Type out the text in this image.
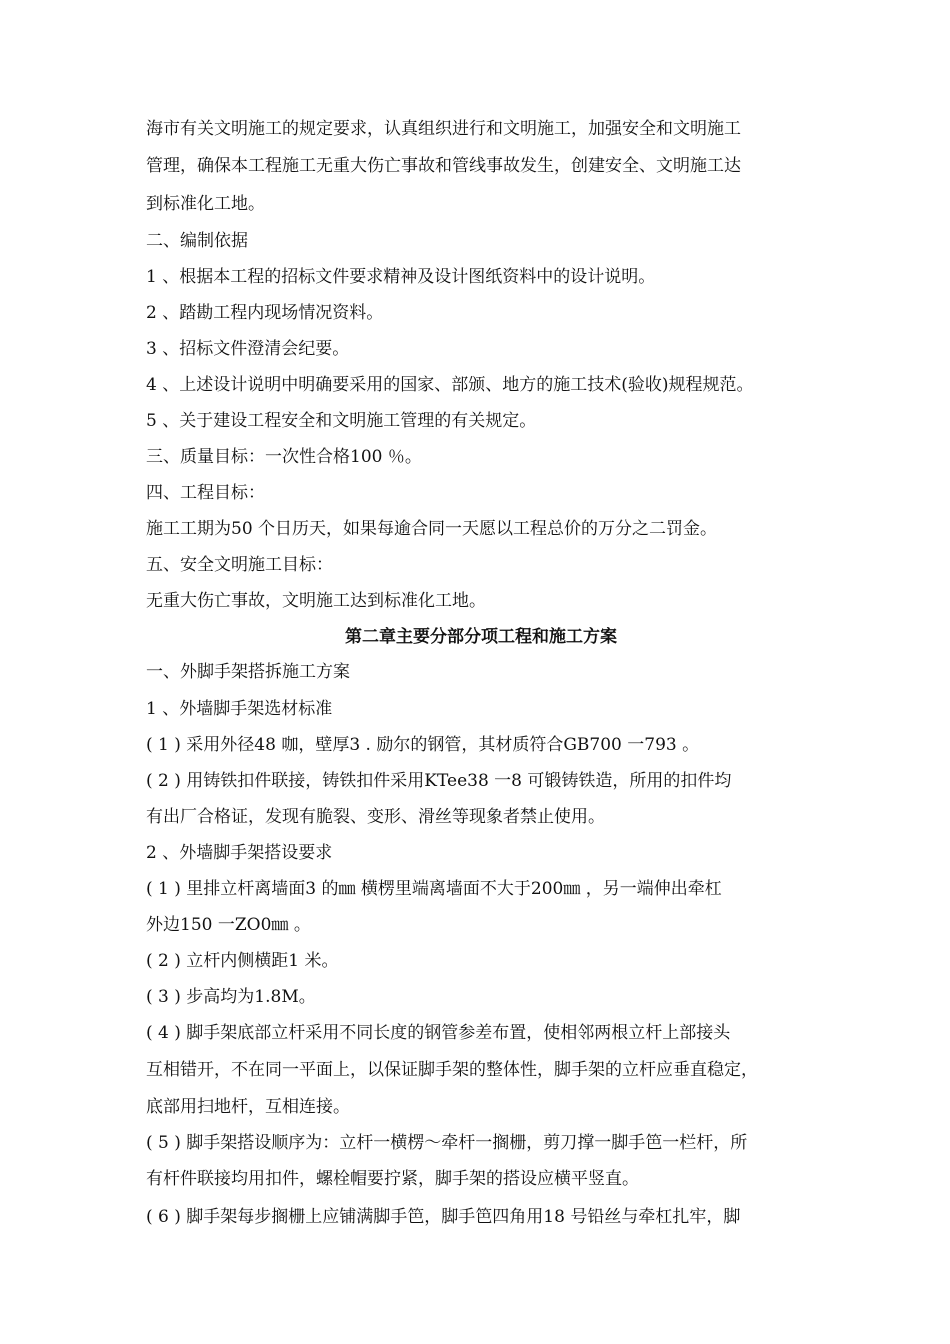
海市有关文明施工的规定要求，认真组织进行和文明施工，加强安全和文明施工
管理，确保本工程施工无重大伤亡事故和管线事故发生，创建安全、文明施工达
到标准化工地。
二、编制依据
1 、根据本工程的招标文件要求精神及设计图纸资料中的设计说明。
2 、踏勘工程内现场情况资料。
3 、招标文件澄清会纪要。
4 、上述设计说明中明确要采用的国家、部颁、地方的施工技术(验收)规程规范。
5 、关于建设工程安全和文明施工管理的有关规定。
三、质量目标：一次性合格100 ％。
四、工程目标：
施工工期为50 个日历天，如果每逾合同一天愿以工程总价的万分之二罚金。
五、安全文明施工目标：
无重大伤亡事故，文明施工达到标准化工地。
第二章主要分部分项工程和施工方案
一、外脚手架搭拆施工方案
1 、外墙脚手架选材标准
( 1 ) 采用外径48 咖，壁厚3 . 励尔的钢管，其材质符合GB700 一793 。
( 2 ) 用铸铁扣件联接，铸铁扣件采用KTee38 一8 可锻铸铁造，所用的扣件均
有出厂合格证，发现有脆裂、变形、滑丝等现象者禁止使用。
2 、外墙脚手架搭设要求
( 1 ) 里排立杆离墙面3 的㎜ 横楞里端离墙面不大于200㎜ ，另一端伸出牵杠
外边150 一ZO0㎜ 。
( 2 ) 立杆内侧横距1 米。
( 3 ) 步高均为1.8M。
( 4 ) 脚手架底部立杆采用不同长度的钢管参差布置，使相邻两根立杆上部接头
互相错开，不在同一平面上，以保证脚手架的整体性，脚手架的立杆应垂直稳定，
底部用扫地杆，互相连接。
( 5 ) 脚手架搭设顺序为：立杆一横楞～牵杆一搁栅，剪刀撑一脚手笆一栏杆，所
有杆件联接均用扣件，螺栓帽要拧紧，脚手架的搭设应横平竖直。
( 6 ) 脚手架每步搁栅上应铺满脚手笆，脚手笆四角用18 号铅丝与牵杠扎牢，脚
